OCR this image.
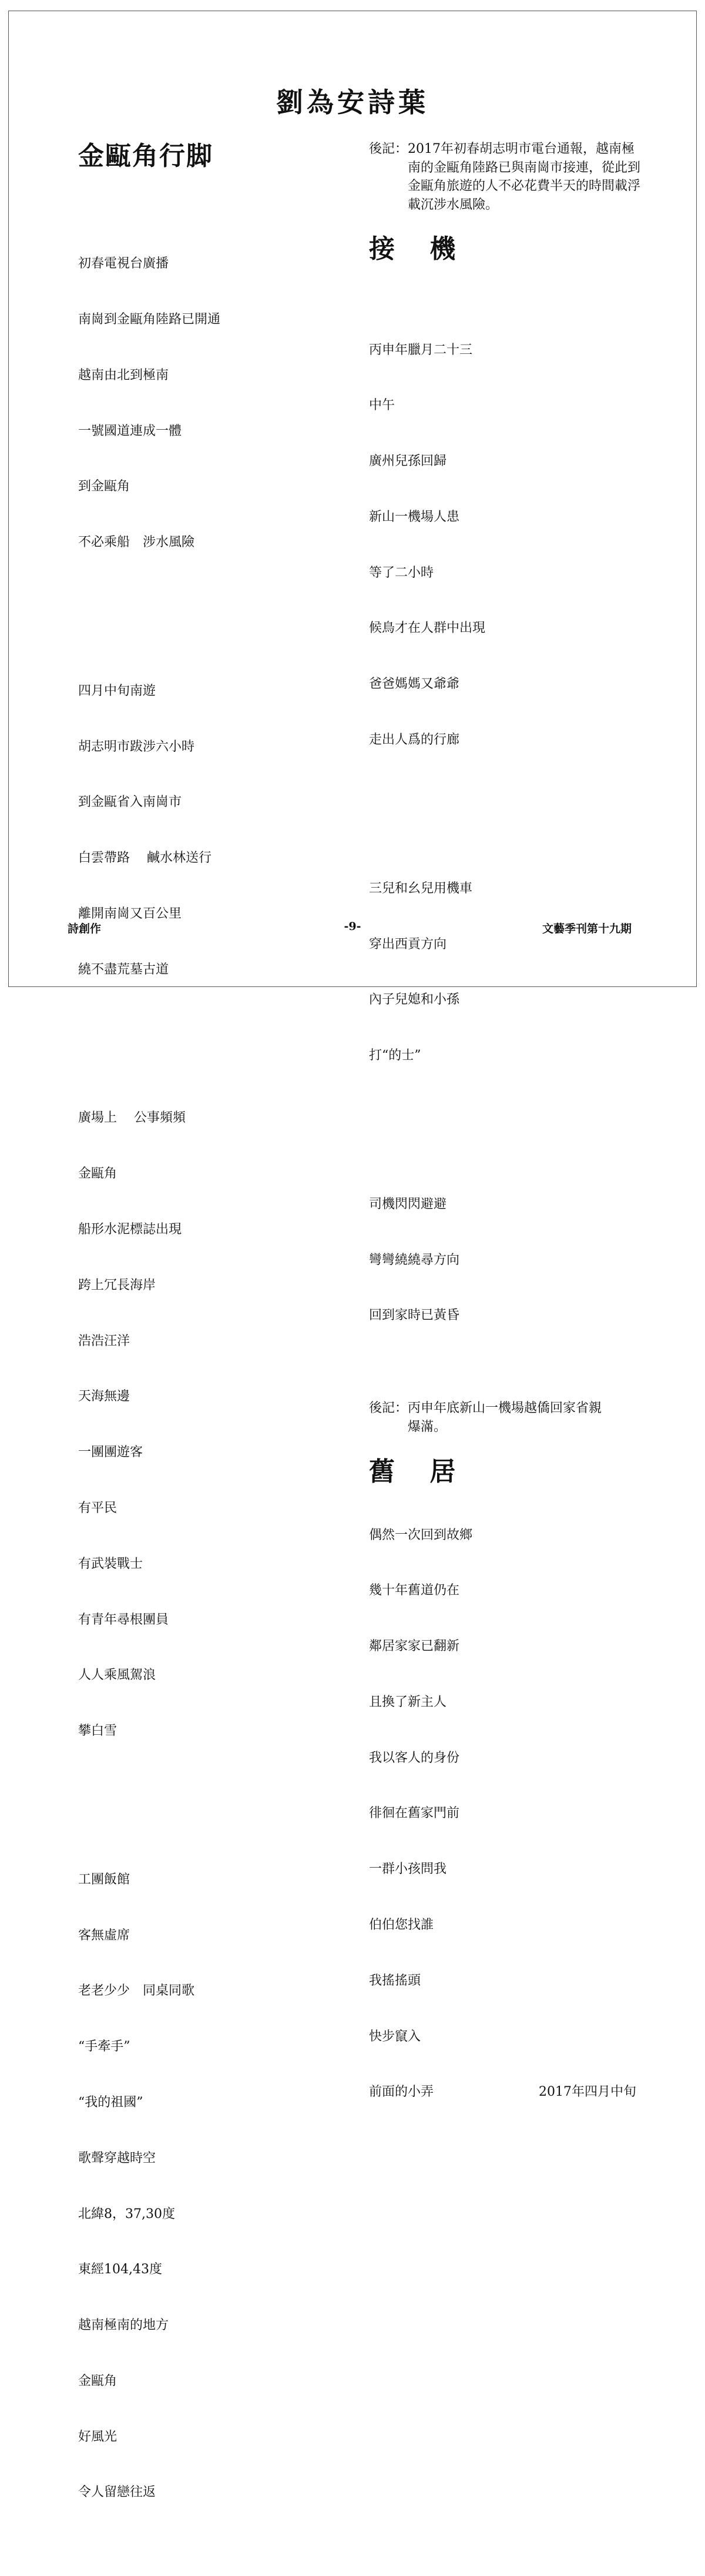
劉為安詩葉
金甌角行脚

初春電視台廣播

南崗到金甌角陸路已開通

越南由北到極南

一號國道連成一體

到金甌角

不必乘船　涉水風險

四月中旬南遊

胡志明市跋涉六小時

到金甌省入南崗市

白雲帶路　 鹹水林送行

離開南崗又百公里

繞不盡荒墓古道

廣場上　 公事頻頻

金甌角

船形水泥標誌出現

跨上冗長海岸

浩浩汪洋

天海無邊

一團團遊客

有平民

有武裝戰士

有青年尋根團員

人人乘風駕浪

攀白雪

工團飯館

客無虛席

老老少少　同桌同歌

“手牽手”

“我的祖國”

歌聲穿越時空

北緯8，37,30度

東經104,43度

越南極南的地方

金甌角

好風光

令人留戀往返

後記： 2017年初春胡志明市電台通報，越南極南的金甌角陸路已與南崗市接連，從此到金甌角旅遊的人不必花費半天的時間載浮載沉涉水風險。
接 機

丙申年臘月二十三

中午

廣州兒孫回歸

新山一機場人患

等了二小時

候鳥才在人群中出現

爸爸媽媽又爺爺

走出人爲的行廊

三兒和幺兒用機車

穿出西貢方向

內子兒媳和小孫

打“的士”

司機閃閃避避

彎彎繞繞尋方向

回到家時已黃昏

後記： 丙申年底新山一機場越僑回家省親爆滿。
舊 居

偶然一次回到故鄉

幾十年舊道仍在

鄰居家家已翻新

且換了新主人

我以客人的身份

徘徊在舊家門前

一群小孩問我

伯伯您找誰

我搖搖頭

快步竄入

前面的小弄	2017年四月中旬
詩創作	-9-	文藝季刊第十九期
